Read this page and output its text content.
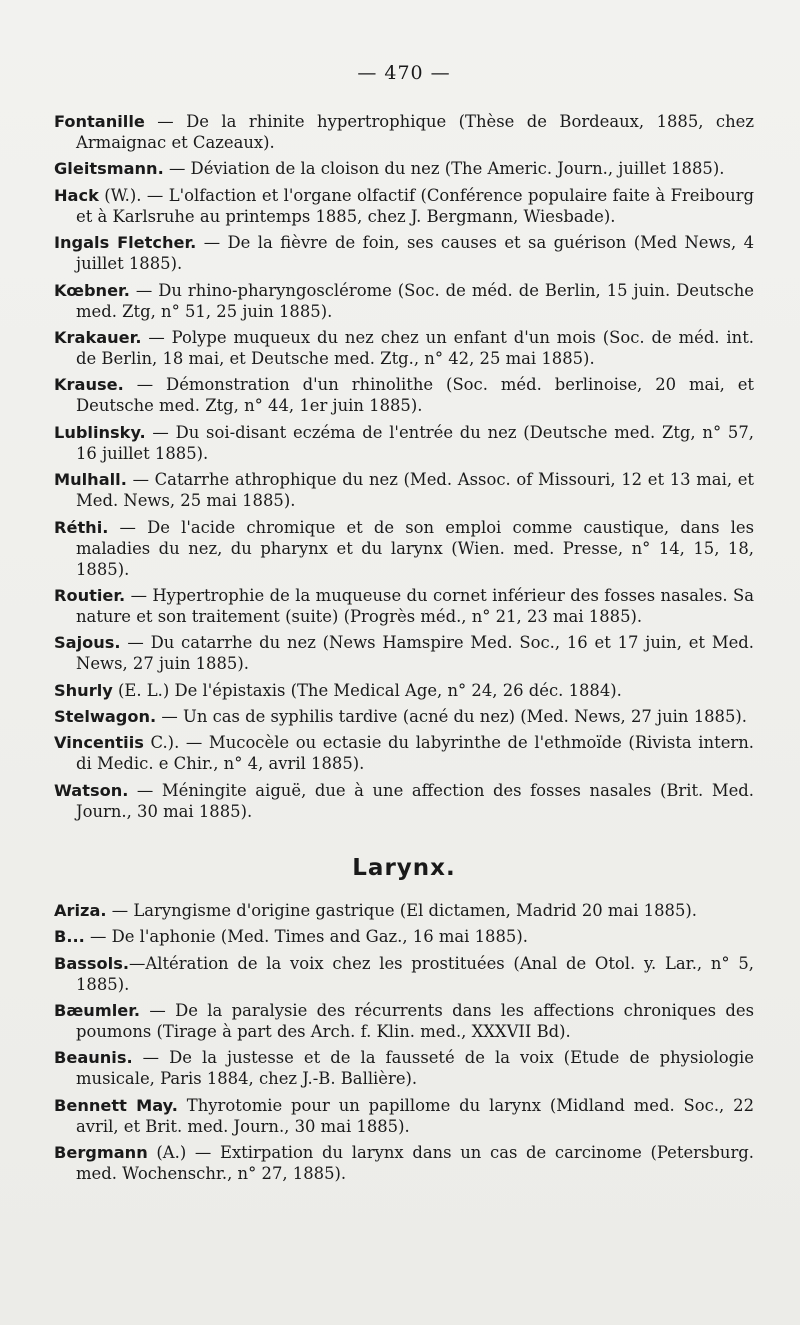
— 470 —

Fontanille — De la rhinite hypertrophique (Thèse de Bordeaux, 1885, chez Armaignac et Cazeaux).

Gleitsmann. — Déviation de la cloison du nez (The Americ. Journ., juillet 1885).

Hack (W.). — L'olfaction et l'organe olfactif (Conférence populaire faite à Freibourg et à Karlsruhe au printemps 1885, chez J. Bergmann, Wiesbade).

Ingals Fletcher. — De la fièvre de foin, ses causes et sa guérison (Med News, 4 juillet 1885).

Kœbner. — Du rhino-pharyngosclérome (Soc. de méd. de Berlin, 15 juin. Deutsche med. Ztg, n° 51, 25 juin 1885).

Krakauer. — Polype muqueux du nez chez un enfant d'un mois (Soc. de méd. int. de Berlin, 18 mai, et Deutsche med. Ztg., n° 42, 25 mai 1885).

Krause. — Démonstration d'un rhinolithe (Soc. méd. berlinoise, 20 mai, et Deutsche med. Ztg, n° 44, 1er juin 1885).

Lublinsky. — Du soi-disant eczéma de l'entrée du nez (Deutsche med. Ztg, n° 57, 16 juillet 1885).

Mulhall. — Catarrhe athrophique du nez (Med. Assoc. of Missouri, 12 et 13 mai, et Med. News, 25 mai 1885).

Réthi. — De l'acide chromique et de son emploi comme caustique, dans les maladies du nez, du pharynx et du larynx (Wien. med. Presse, n° 14, 15, 18, 1885).

Routier. — Hypertrophie de la muqueuse du cornet inférieur des fosses nasales. Sa nature et son traitement (suite) (Progrès méd., n° 21, 23 mai 1885).

Sajous. — Du catarrhe du nez (News Hamspire Med. Soc., 16 et 17 juin, et Med. News, 27 juin 1885).

Shurly (E. L.) De l'épistaxis (The Medical Age, n° 24, 26 déc. 1884).

Stelwagon. — Un cas de syphilis tardive (acné du nez) (Med. News, 27 juin 1885).

Vincentiis C.). — Mucocèle ou ectasie du labyrinthe de l'ethmoïde (Rivista intern. di Medic. e Chir., n° 4, avril 1885).

Watson. — Méningite aiguë, due à une affection des fosses nasales (Brit. Med. Journ., 30 mai 1885).

Larynx.

Ariza. — Laryngisme d'origine gastrique (El dictamen, Madrid 20 mai 1885).

B... — De l'aphonie (Med. Times and Gaz., 16 mai 1885).

Bassols.—Altération de la voix chez les prostituées (Anal de Otol. y. Lar., n° 5, 1885).

Bæumler. — De la paralysie des récurrents dans les affections chroniques des poumons (Tirage à part des Arch. f. Klin. med., XXXVII Bd).

Beaunis. — De la justesse et de la fausseté de la voix (Etude de physiologie musicale, Paris 1884, chez J.-B. Ballière).

Bennett May. Thyrotomie pour un papillome du larynx (Midland med. Soc., 22 avril, et Brit. med. Journ., 30 mai 1885).

Bergmann (A.) — Extirpation du larynx dans un cas de carcinome (Petersburg. med. Wochenschr., n° 27, 1885).
